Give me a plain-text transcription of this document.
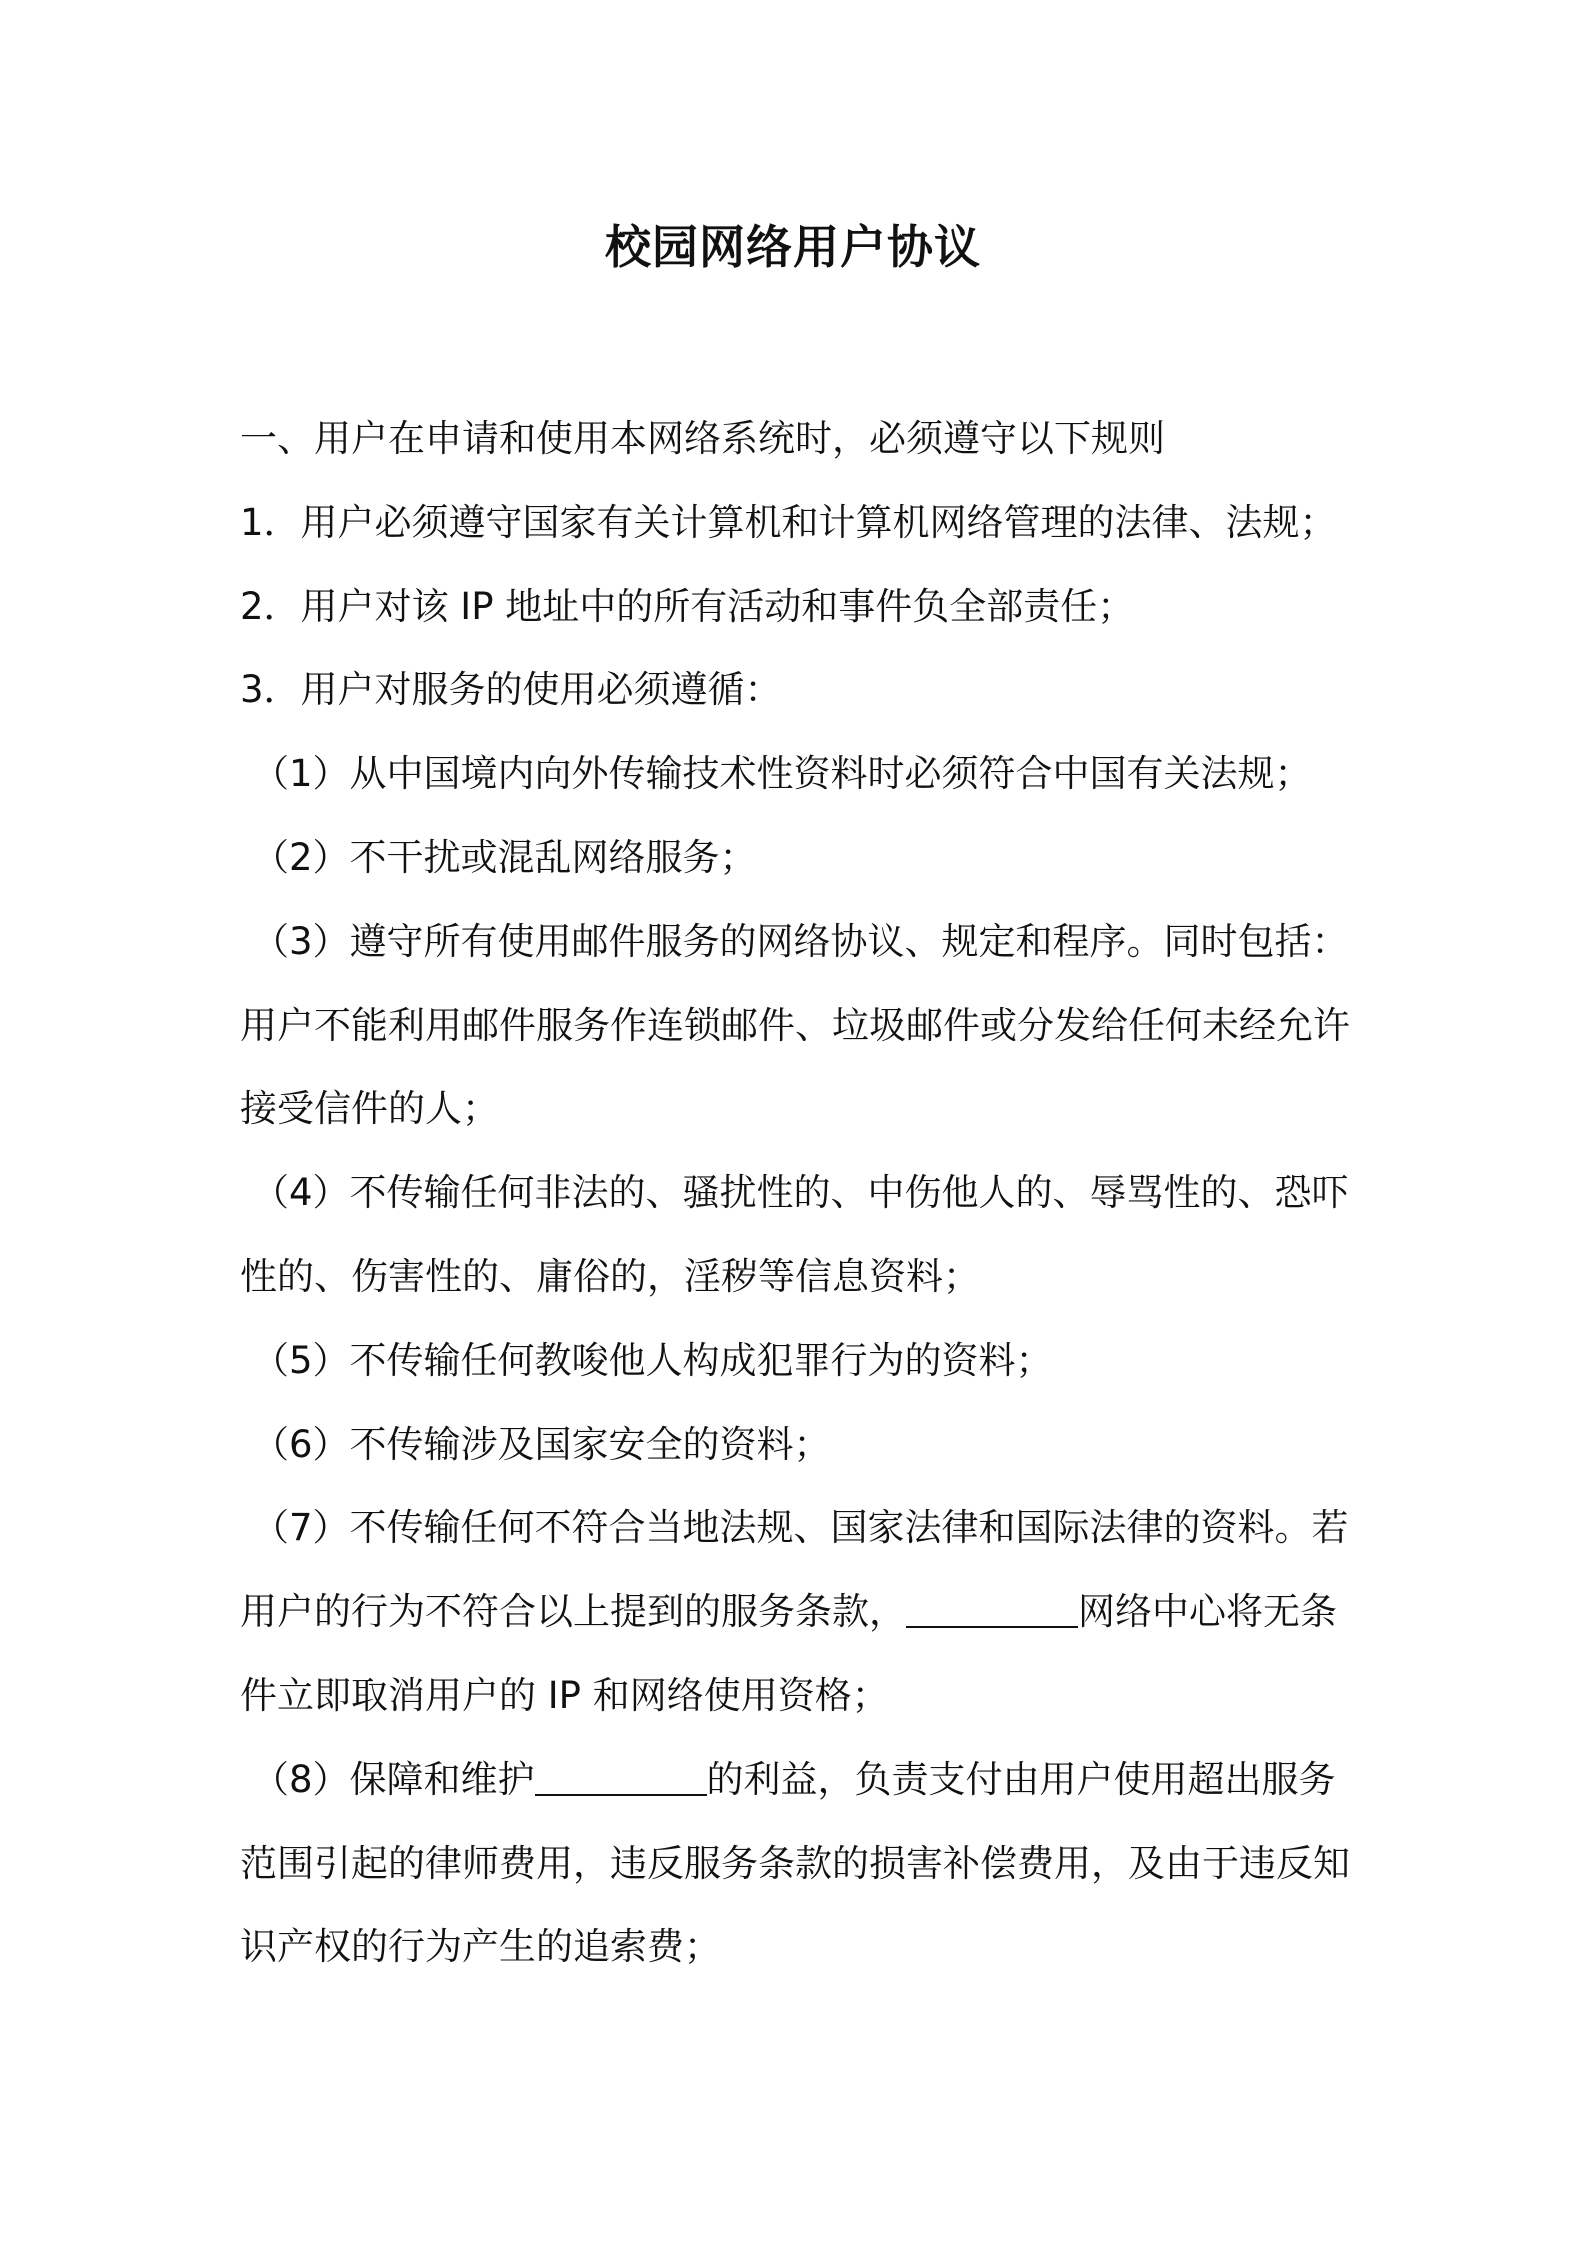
校园网络用户协议

一、用户在申请和使用本网络系统时，必须遵守以下规则

1．用户必须遵守国家有关计算机和计算机网络管理的法律、法规；

2．用户对该 IP 地址中的所有活动和事件负全部责任；

3．用户对服务的使用必须遵循：

（1）从中国境内向外传输技术性资料时必须符合中国有关法规；

（2）不干扰或混乱网络服务；

（3）遵守所有使用邮件服务的网络协议、规定和程序。同时包括：

用户不能利用邮件服务作连锁邮件、垃圾邮件或分发给任何未经允许

接受信件的人；

（4）不传输任何非法的、骚扰性的、中伤他人的、辱骂性的、恐吓

性的、伤害性的、庸俗的，淫秽等信息资料；

（5）不传输任何教唆他人构成犯罪行为的资料；

（6）不传输涉及国家安全的资料；

（7）不传输任何不符合当地法规、国家法律和国际法律的资料。若

用户的行为不符合以上提到的服务条款，	网络中心将无条

件立即取消用户的 IP 和网络使用资格；

（8）保障和维护	的利益，负责支付由用户使用超出服务

范围引起的律师费用，违反服务条款的损害补偿费用，及由于违反知

识产权的行为产生的追索费；
